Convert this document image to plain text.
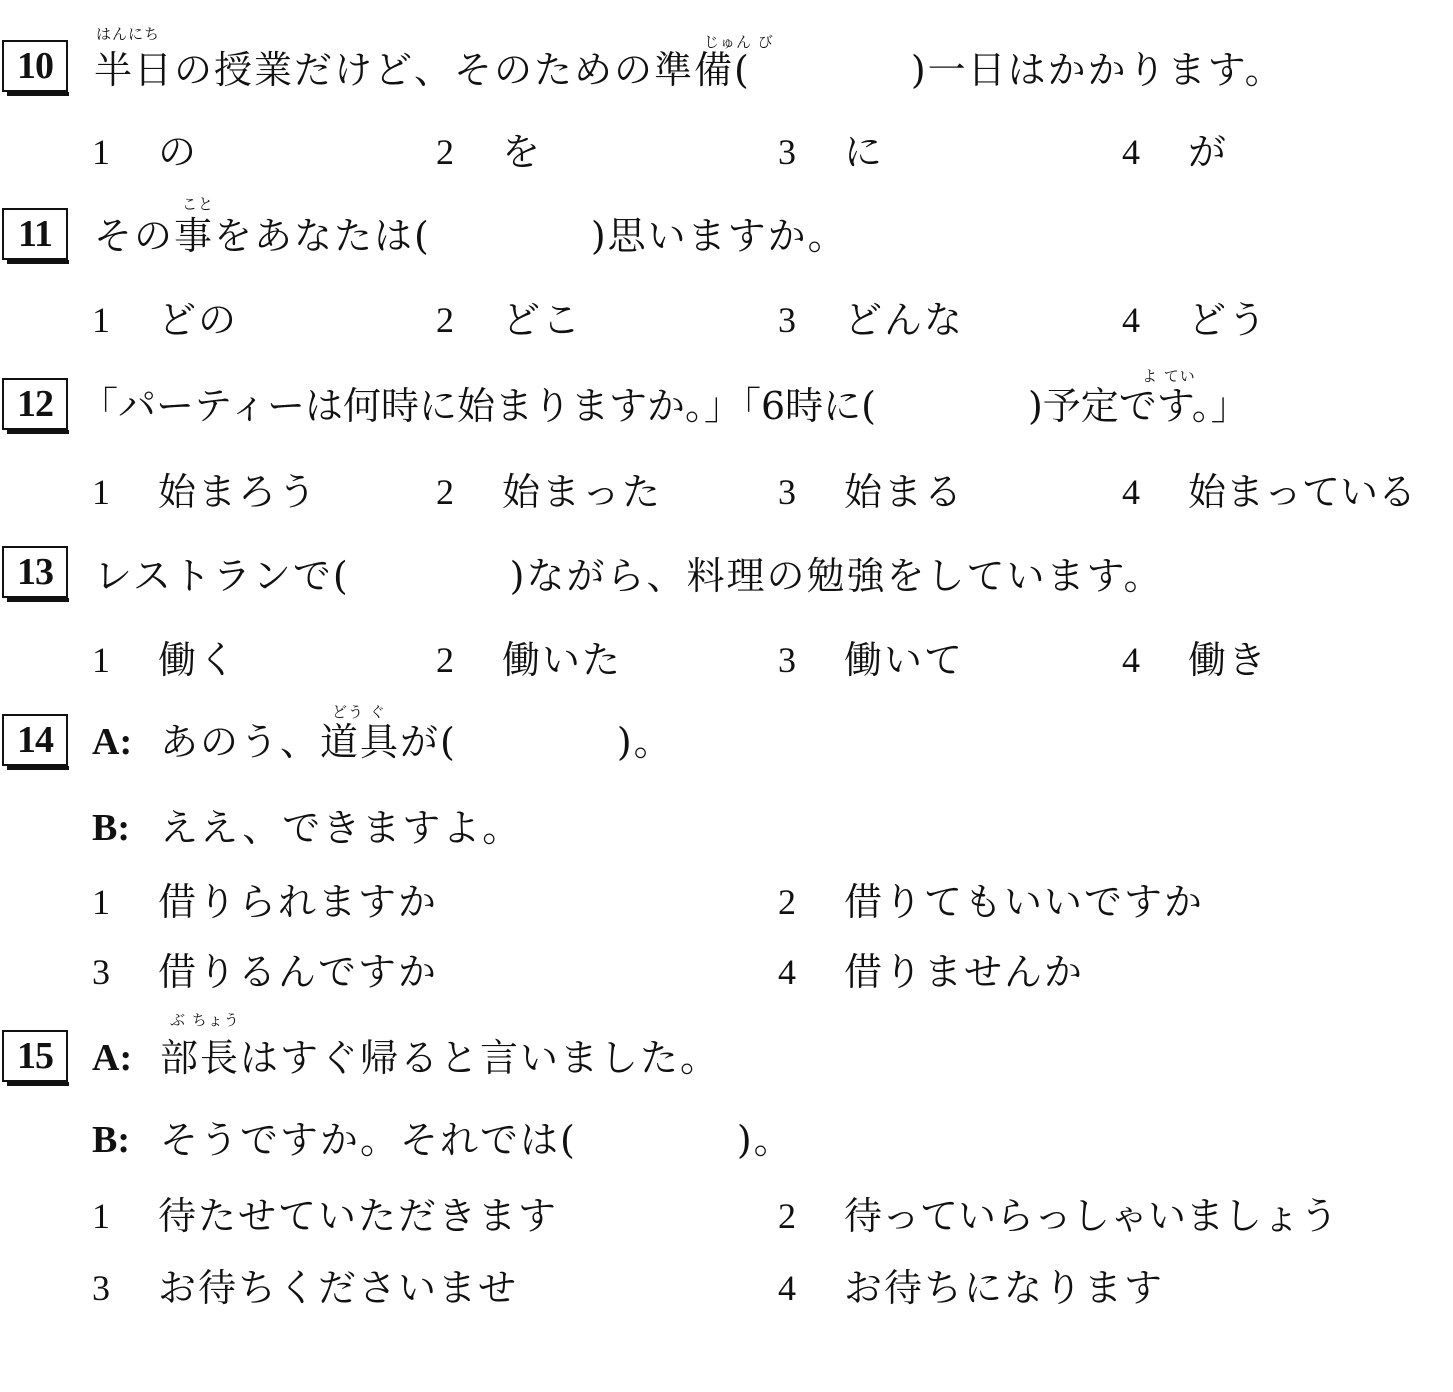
はんにち	じゅん び
10	半日の授業だけど、そのための準備(　　　　)一日はかかります。
1 の	2 を	3 に	4 が
こと
11	その事をあなたは(　　　　)思いますか。
1 どの	2 どこ	3 どんな	4 どう
よ てい
12 「パーティーは何時に始まりますか。」「6時に(　　　　)予定です。」
1 始まろう	2 始まった	3 始まる	4 始まっている
13	レストランで(　　　　)ながら、料理の勉強をしています。
1 働く	2 働いた	3 働いて	4 働き
どう ぐ
14	A: あのう、道具が(　　　　)。
B: ええ、できますよ。
1 借りられますか	2 借りてもいいですか
3 借りるんですか	4 借りませんか
ぶ ちょう
15	A: 部長はすぐ帰ると言いました。
B: そうですか。それでは(　　　　)。
1 待たせていただきます	2 待っていらっしゃいましょう
3 お待ちくださいませ	4 お待ちになります
